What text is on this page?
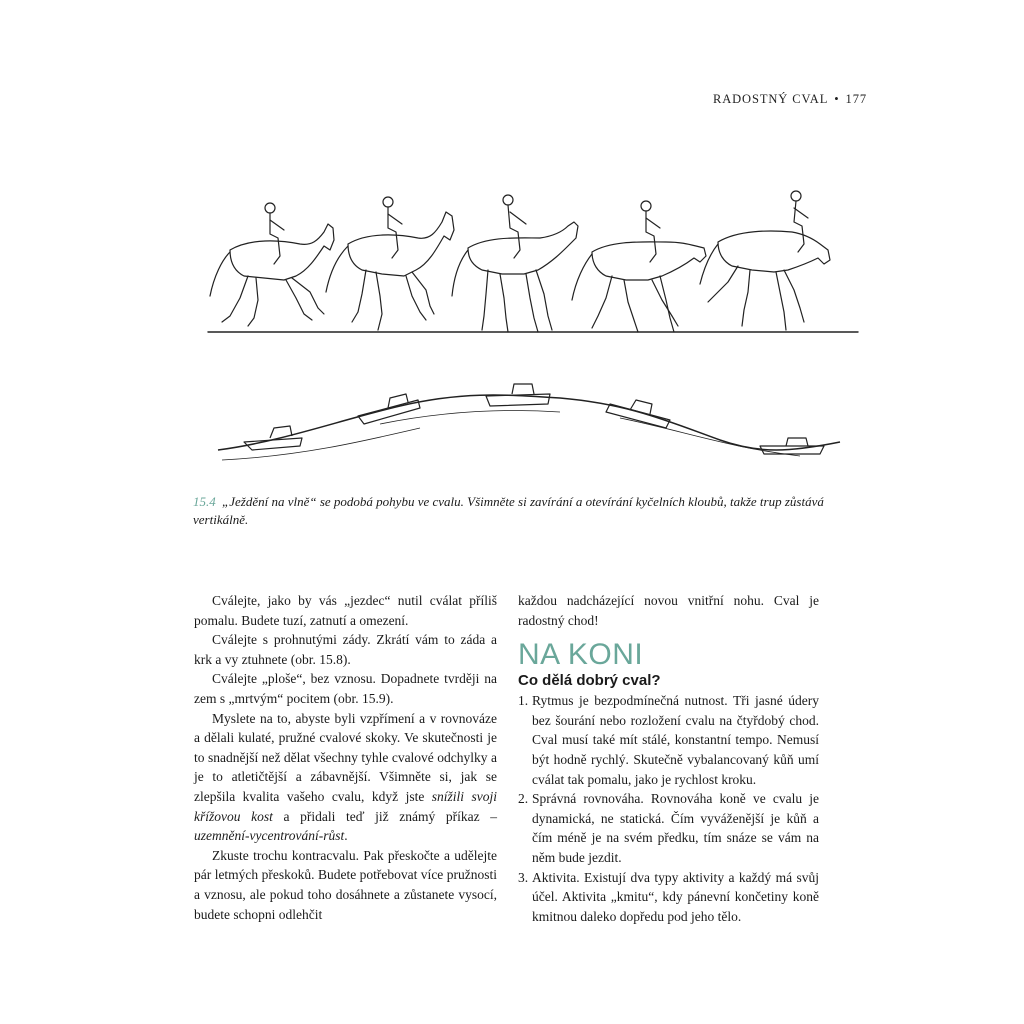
RADOSTNÝ CVAL • 177
15.4 „Ježdění na vlně“ se podobá pohybu ve cvalu. Všimněte si zavírání a otevírání kyčelních kloubů, takže trup zůstává vertikálně.

Cválejte, jako by vás „jezdec“ nutil cválat příliš pomalu. Budete tuzí, zatnutí a omezení.

Cválejte s prohnutými zády. Zkrátí vám to záda a krk a vy ztuhnete (obr. 15.8).

Cválejte „ploše“, bez vznosu. Dopadnete tvrději na zem s „mrtvým“ pocitem (obr. 15.9).

Myslete na to, abyste byli vzpřímení a v rovnováze a dělali kulaté, pružné cvalové skoky. Ve skutečnosti je to snadnější než dělat všechny tyhle cvalové odchylky a je to atletičtější a zábavnější. Všimněte si, jak se zlepšila kvalita vašeho cvalu, když jste snížili svoji křížovou kost a přidali teď již známý příkaz – uzemnění-vycentrování-růst.

Zkuste trochu kontracvalu. Pak přeskočte a udělejte pár letmých přeskoků. Budete potřebovat více pružnosti a vznosu, ale pokud toho dosáhnete a zůstanete vysocí, budete schopni odlehčit

každou nadcházející novou vnitřní nohu. Cval je radostný chod!

NA KONI
Co dělá dobrý cval?
1. Rytmus je bezpodmínečná nutnost. Tři jasné údery bez šourání nebo rozložení cvalu na čtyřdobý chod. Cval musí také mít stálé, konstantní tempo. Nemusí být hodně rychlý. Skutečně vybalancovaný kůň umí cválat tak pomalu, jako je rychlost kroku.
2. Správná rovnováha. Rovnováha koně ve cvalu je dynamická, ne statická. Čím vyváženější je kůň a čím méně je na svém předku, tím snáze se vám na něm bude jezdit.
3. Aktivita. Existují dva typy aktivity a každý má svůj účel. Aktivita „kmitu“, kdy pánevní končetiny koně kmitnou daleko dopředu pod jeho tělo.
